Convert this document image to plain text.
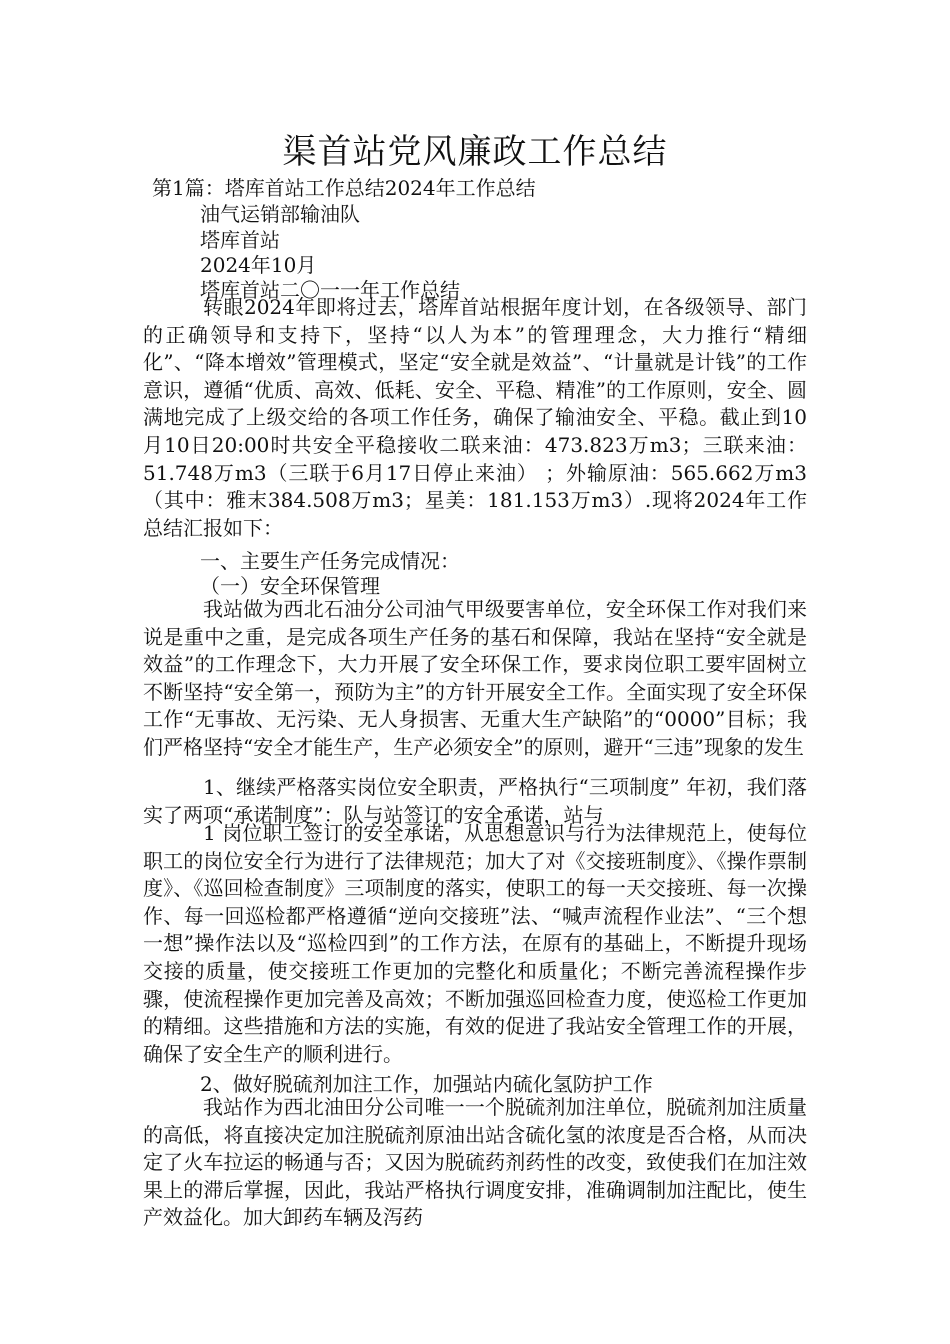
渠首站党风廉政工作总结

第1篇：塔库首站工作总结2024年工作总结

油气运销部输油队

塔库首站

2024年10月

塔库首站二〇一一年工作总结

转眼2024年即将过去，塔库首站根据年度计划，在各级领导、部门的正确领导和支持下，坚持“以人为本”的管理理念，大力推行“精细化”、“降本增效”管理模式，坚定“安全就是效益”、“计量就是计钱”的工作意识，遵循“优质、高效、低耗、安全、平稳、精准”的工作原则，安全、圆满地完成了上级交给的各项工作任务，确保了输油安全、平稳。截止到10月10日20:00时共安全平稳接收二联来油：473.823万m3；三联来油：51.748万m3（三联于6月17日停止来油） ；外输原油：565.662万m3（其中：雅末384.508万m3；星美：181.153万m3）.现将2024年工作总结汇报如下：

一、主要生产任务完成情况：

（一）安全环保管理

我站做为西北石油分公司油气甲级要害单位，安全环保工作对我们来说是重中之重，是完成各项生产任务的基石和保障，我站在坚持“安全就是效益”的工作理念下，大力开展了安全环保工作，要求岗位职工要牢固树立不断坚持“安全第一，预防为主”的方针开展安全工作。全面实现了安全环保工作“无事故、无污染、无人身损害、无重大生产缺陷”的“0000”目标；我们严格坚持“安全才能生产，生产必须安全”的原则，避开“三违”现象的发生

1、继续严格落实岗位安全职责，严格执行“三项制度” 年初，我们落实了两项“承诺制度”：队与站签订的安全承诺，站与

1 岗位职工签订的安全承诺，从思想意识与行为法律规范上，使每位职工的岗位安全行为进行了法律规范；加大了对《交接班制度》、《操作票制度》、《巡回检查制度》三项制度的落实，使职工的每一天交接班、每一次操作、每一回巡检都严格遵循“逆向交接班”法、“喊声流程作业法”、“三个想一想”操作法以及“巡检四到”的工作方法，在原有的基础上，不断提升现场交接的质量，使交接班工作更加的完整化和质量化；不断完善流程操作步骤，使流程操作更加完善及高效；不断加强巡回检查力度，使巡检工作更加的精细。这些措施和方法的实施，有效的促进了我站安全管理工作的开展，确保了安全生产的顺利进行。

2、做好脱硫剂加注工作，加强站内硫化氢防护工作

我站作为西北油田分公司唯一一个脱硫剂加注单位，脱硫剂加注质量的高低，将直接决定加注脱硫剂原油出站含硫化氢的浓度是否合格，从而决定了火车拉运的畅通与否；又因为脱硫药剂药性的改变，致使我们在加注效果上的滞后掌握，因此，我站严格执行调度安排，准确调制加注配比，使生产效益化。加大卸药车辆及泻药
